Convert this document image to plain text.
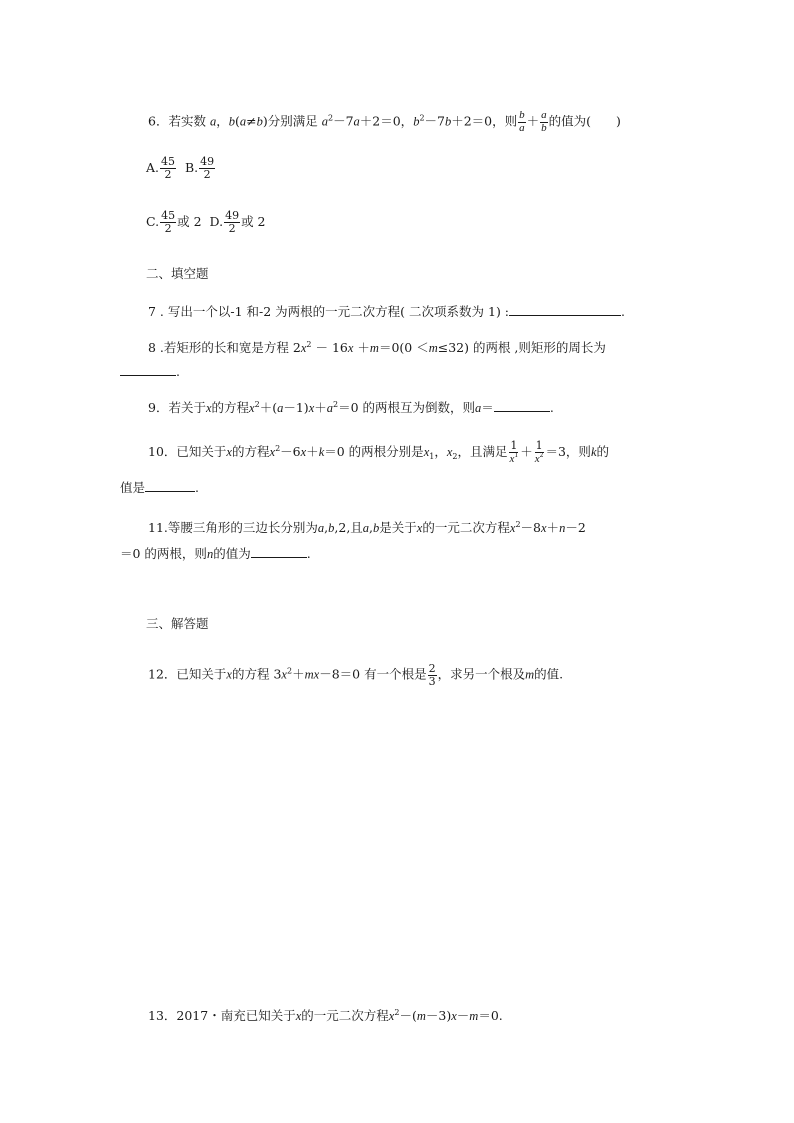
6．若实数 a，b(a≠b)分别满足 $a^2-7a+2=0$，$b^2-7b+2=0$，则 $\frac{b}{a} + \frac{a}{b}$ 的值为(　　)
A. $\frac{45}{2} B$. $\frac{49}{2}$
C. $\frac{45}{2}$ 或 2 D. $\frac{49}{2}$ 或 2
二、填空题
7 . 写出一个以-1 和-2 为两根的一元二次方程( 二次项系数为 1) :	.
8 .若矩形的长和宽是方程 $2x^2 - 16x +m=0(0 <m\le 32)$ 的两根 ,则矩形的周长为
.
9．若关于x的方程$x^2+(a-1)x+a^2=0$ 的两根互为倒数，则a＝	.
10．已知关于x的方程$x^2-6x+k=0$ 的两根分别是$x_1$，$x_2$，且满足 $\frac{1}{x^1} + \frac{1}{x^2} =3$，则k的
值是	.
11.等腰三角形的三边长分别为a,b,2,且a,b是关于x的一元二次方程$x^2-8x+n-2$
＝0 的两根，则n的值为	.
三、解答题
12．已知关于x的方程 $3x^2+mx-8=0$ 有一个根是 $\frac{2}{3}$ ，求另一个根及m的值.
13．2017・南充已知关于x的一元二次方程$x^2-(m-3)x-m=0$.
